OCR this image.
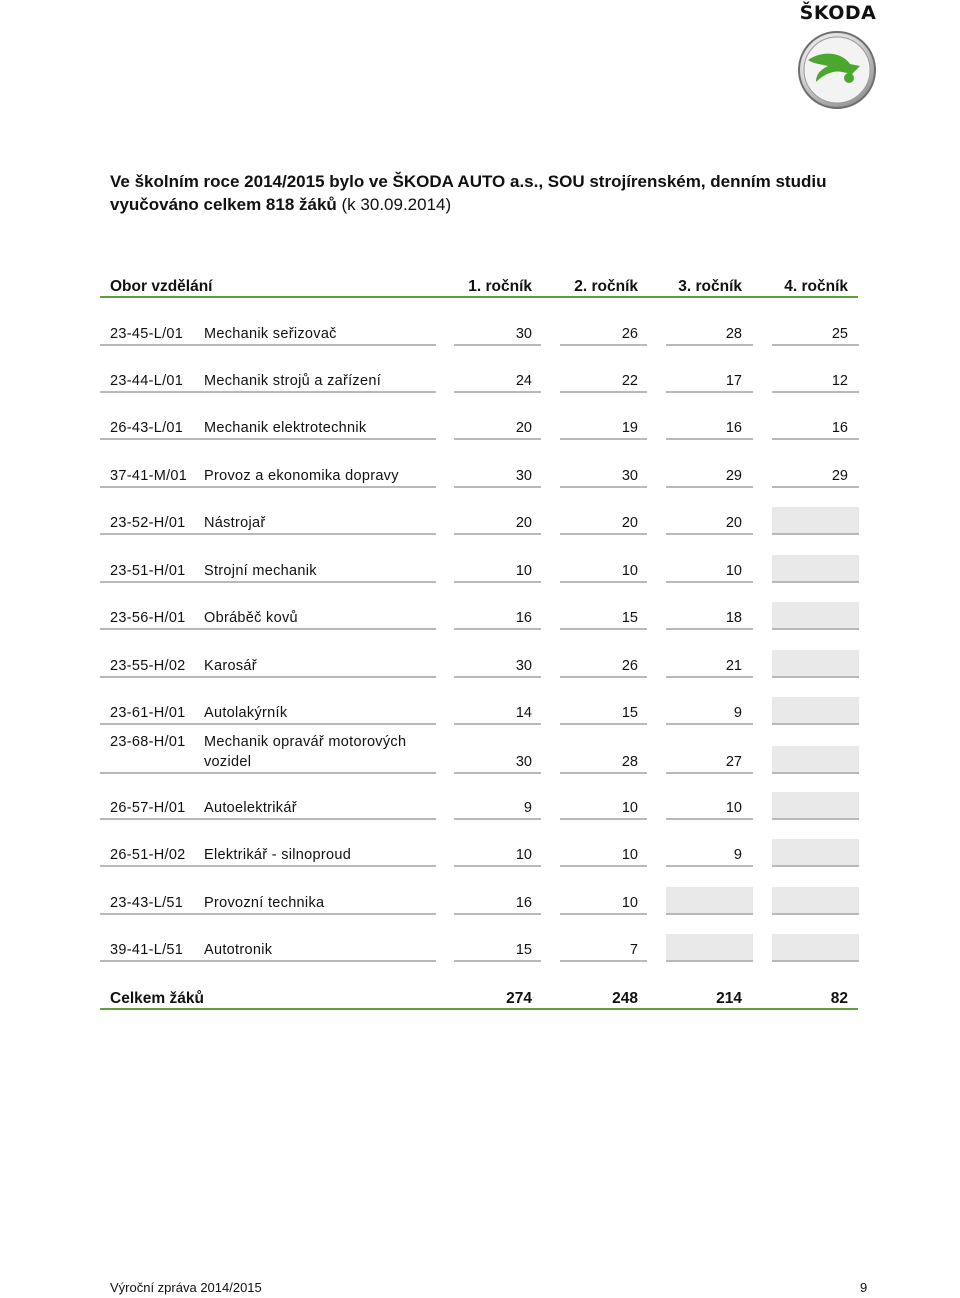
ŠKODA
Ve školním roce 2014/2015 bylo ve ŠKODA AUTO a.s., SOU strojírenském, denním studiu vyučováno celkem 818 žáků (k 30.09.2014)
Obor vzdělání	1. ročník	2. ročník	3. ročník	4. ročník
23-45-L/01 Mechanik seřizovač	30	26	28	25
23-44-L/01 Mechanik strojů a zařízení	24	22	17	12
26-43-L/01 Mechanik elektrotechnik	20	19	16	16
37-41-M/01 Provoz a ekonomika dopravy	30	30	29	29
23-52-H/01 Nástrojař	20	20	20
23-51-H/01 Strojní mechanik	10	10	10
23-56-H/01 Obráběč kovů	16	15	18
23-55-H/02 Karosář	30	26	21
23-61-H/01 Autolakýrník	14	15	9
23-68-H/01 Mechanik opravář motorových
vozidel	30	28	27
26-57-H/01 Autoelektrikář	9	10	10
26-51-H/02 Elektrikář - silnoproud	10	10	9
23-43-L/51 Provozní technika	16	10
39-41-L/51 Autotronik	15	7
Celkem žáků	274	248	214	82
Výroční zpráva 2014/2015	9
